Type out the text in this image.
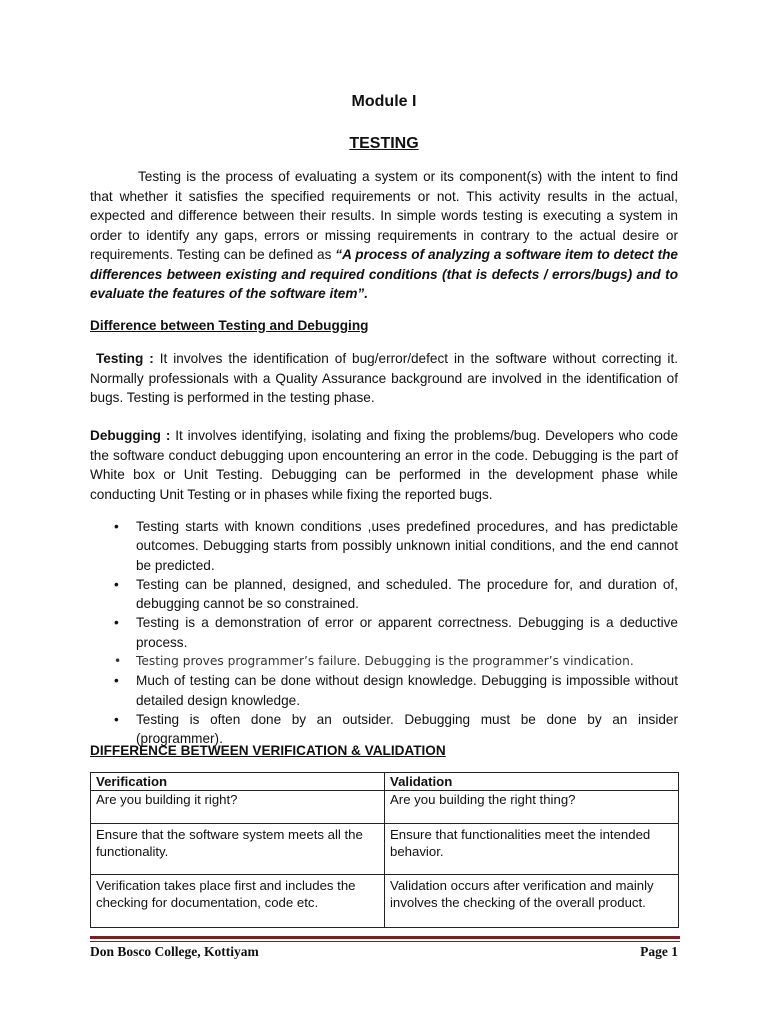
Module I
TESTING

Testing is the process of evaluating a system or its component(s) with the intent to find that whether it satisfies the specified requirements or not. This activity results in the actual, expected and difference between their results. In simple words testing is executing a system in order to identify any gaps, errors or missing requirements in contrary to the actual desire or requirements. Testing can be defined as “A process of analyzing a software item to detect the differences between existing and required conditions (that is defects / errors/bugs) and to evaluate the features of the software item”.

Difference between Testing and Debugging

Testing : It involves the identification of bug/error/defect in the software without correcting it. Normally professionals with a Quality Assurance background are involved in the identification of bugs. Testing is performed in the testing phase.

Debugging : It involves identifying, isolating and fixing the problems/bug. Developers who code the software conduct debugging upon encountering an error in the code. Debugging is the part of White box or Unit Testing. Debugging can be performed in the development phase while conducting Unit Testing or in phases while fixing the reported bugs.

• Testing starts with known conditions ,uses predefined procedures, and has predictable outcomes. Debugging starts from possibly unknown initial conditions, and the end cannot be predicted.
• Testing can be planned, designed, and scheduled. The procedure for, and duration of, debugging cannot be so constrained.
• Testing is a demonstration of error or apparent correctness. Debugging is a deductive process.
• Testing proves programmer’s failure. Debugging is the programmer’s vindication.
• Much of testing can be done without design knowledge. Debugging is impossible without detailed design knowledge.
• Testing is often done by an outsider. Debugging must be done by an insider (programmer).

DIFFERENCE BETWEEN VERIFICATION & VALIDATION

Verification	Validation
Are you building it right?	Are you building the right thing?
Ensure that the software system meets all the functionality.	Ensure that functionalities meet the intended behavior.
Verification takes place first and includes the checking for documentation, code etc.	Validation occurs after verification and mainly involves the checking of the overall product.
Don Bosco College, Kottiyam	Page 1
